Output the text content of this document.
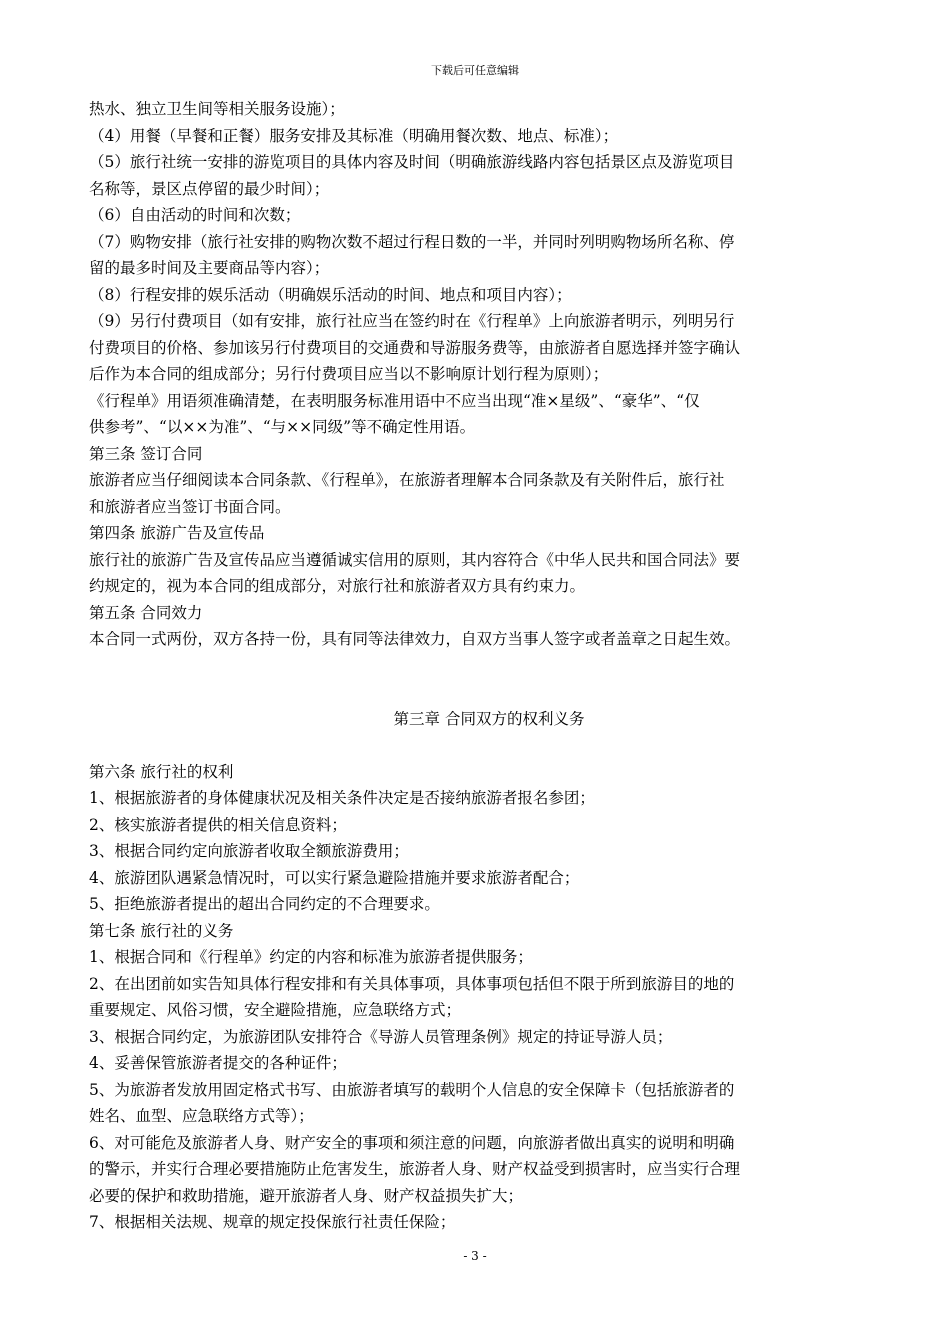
下载后可任意编辑
热水、独立卫生间等相关服务设施）；
（4）用餐（早餐和正餐）服务安排及其标准（明确用餐次数、地点、标准）；
（5）旅行社统一安排的游览项目的具体内容及时间（明确旅游线路内容包括景区点及游览项目
名称等，景区点停留的最少时间）；
（6）自由活动的时间和次数；
（7）购物安排（旅行社安排的购物次数不超过行程日数的一半，并同时列明购物场所名称、停
留的最多时间及主要商品等内容）；
（8）行程安排的娱乐活动（明确娱乐活动的时间、地点和项目内容）；
（9）另行付费项目（如有安排，旅行社应当在签约时在《行程单》上向旅游者明示，列明另行
付费项目的价格、参加该另行付费项目的交通费和导游服务费等，由旅游者自愿选择并签字确认
后作为本合同的组成部分；另行付费项目应当以不影响原计划行程为原则）；
《行程单》用语须准确清楚，在表明服务标准用语中不应当出现“准×星级”、“豪华”、“仅
供参考”、“以××为准”、“与××同级”等不确定性用语。
第三条 签订合同
旅游者应当仔细阅读本合同条款、《行程单》，在旅游者理解本合同条款及有关附件后，旅行社
和旅游者应当签订书面合同。
第四条 旅游广告及宣传品
旅行社的旅游广告及宣传品应当遵循诚实信用的原则，其内容符合《中华人民共和国合同法》要
约规定的，视为本合同的组成部分，对旅行社和旅游者双方具有约束力。
第五条 合同效力
本合同一式两份，双方各持一份，具有同等法律效力，自双方当事人签字或者盖章之日起生效。
第三章 合同双方的权利义务
第六条 旅行社的权利
1、根据旅游者的身体健康状况及相关条件决定是否接纳旅游者报名参团；
2、核实旅游者提供的相关信息资料；
3、根据合同约定向旅游者收取全额旅游费用；
4、旅游团队遇紧急情况时，可以实行紧急避险措施并要求旅游者配合；
5、拒绝旅游者提出的超出合同约定的不合理要求。
第七条 旅行社的义务
1、根据合同和《行程单》约定的内容和标准为旅游者提供服务；
2、在出团前如实告知具体行程安排和有关具体事项，具体事项包括但不限于所到旅游目的地的
重要规定、风俗习惯，安全避险措施，应急联络方式；
3、根据合同约定，为旅游团队安排符合《导游人员管理条例》规定的持证导游人员；
4、妥善保管旅游者提交的各种证件；
5、为旅游者发放用固定格式书写、由旅游者填写的载明个人信息的安全保障卡（包括旅游者的
姓名、血型、应急联络方式等）；
6、对可能危及旅游者人身、财产安全的事项和须注意的问题，向旅游者做出真实的说明和明确
的警示，并实行合理必要措施防止危害发生，旅游者人身、财产权益受到损害时，应当实行合理
必要的保护和救助措施，避开旅游者人身、财产权益损失扩大；
7、根据相关法规、规章的规定投保旅行社责任保险；
- 3 -
